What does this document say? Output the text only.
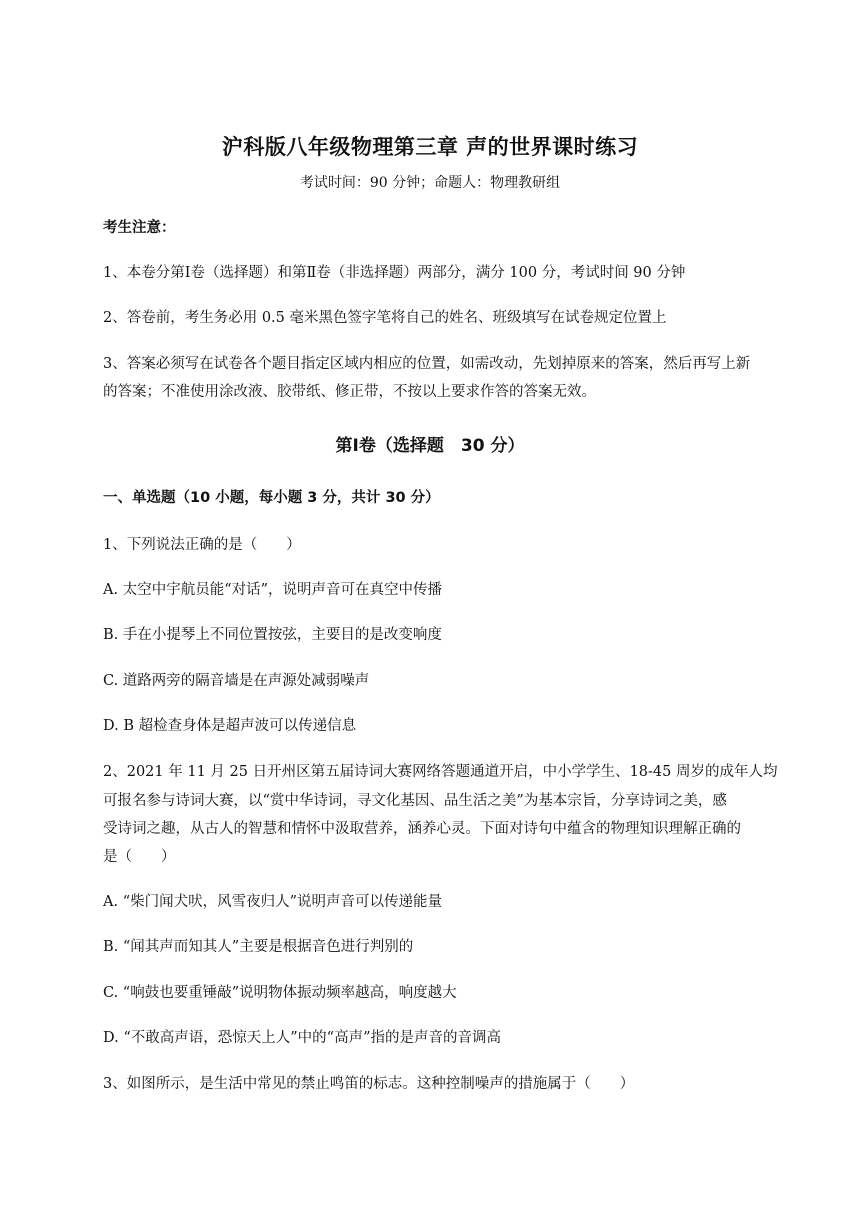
沪科版八年级物理第三章 声的世界课时练习
考试时间：90 分钟；命题人：物理教研组
考生注意：
1、本卷分第Ⅰ卷（选择题）和第Ⅱ卷（非选择题）两部分，满分 100 分，考试时间 90 分钟
2、答卷前，考生务必用 0.5 毫米黑色签字笔将自己的姓名、班级填写在试卷规定位置上
3、答案必须写在试卷各个题目指定区域内相应的位置，如需改动，先划掉原来的答案，然后再写上新
的答案；不准使用涂改液、胶带纸、修正带，不按以上要求作答的答案无效。
第Ⅰ卷（选择题　30 分）
一、单选题（10 小题，每小题 3 分，共计 30 分）
1、下列说法正确的是（　　）
A. 太空中宇航员能“对话”，说明声音可在真空中传播
B. 手在小提琴上不同位置按弦，主要目的是改变响度
C. 道路两旁的隔音墙是在声源处减弱噪声
D. B 超检查身体是超声波可以传递信息
2、2021 年 11 月 25 日开州区第五届诗词大赛网络答题通道开启，中小学学生、18-45 周岁的成年人均
可报名参与诗词大赛，以“赏中华诗词，寻文化基因、品生活之美”为基本宗旨，分享诗词之美，感
受诗词之趣，从古人的智慧和情怀中汲取营养，涵养心灵。下面对诗句中蕴含的物理知识理解正确的
是（　　）
A. “柴门闻犬吠，风雪夜归人”说明声音可以传递能量
B. “闻其声而知其人”主要是根据音色进行判别的
C. “响鼓也要重锤敲”说明物体振动频率越高，响度越大
D. “不敢高声语，恐惊天上人”中的“高声”指的是声音的音调高
3、如图所示，是生活中常见的禁止鸣笛的标志。这种控制噪声的措施属于（　　）
